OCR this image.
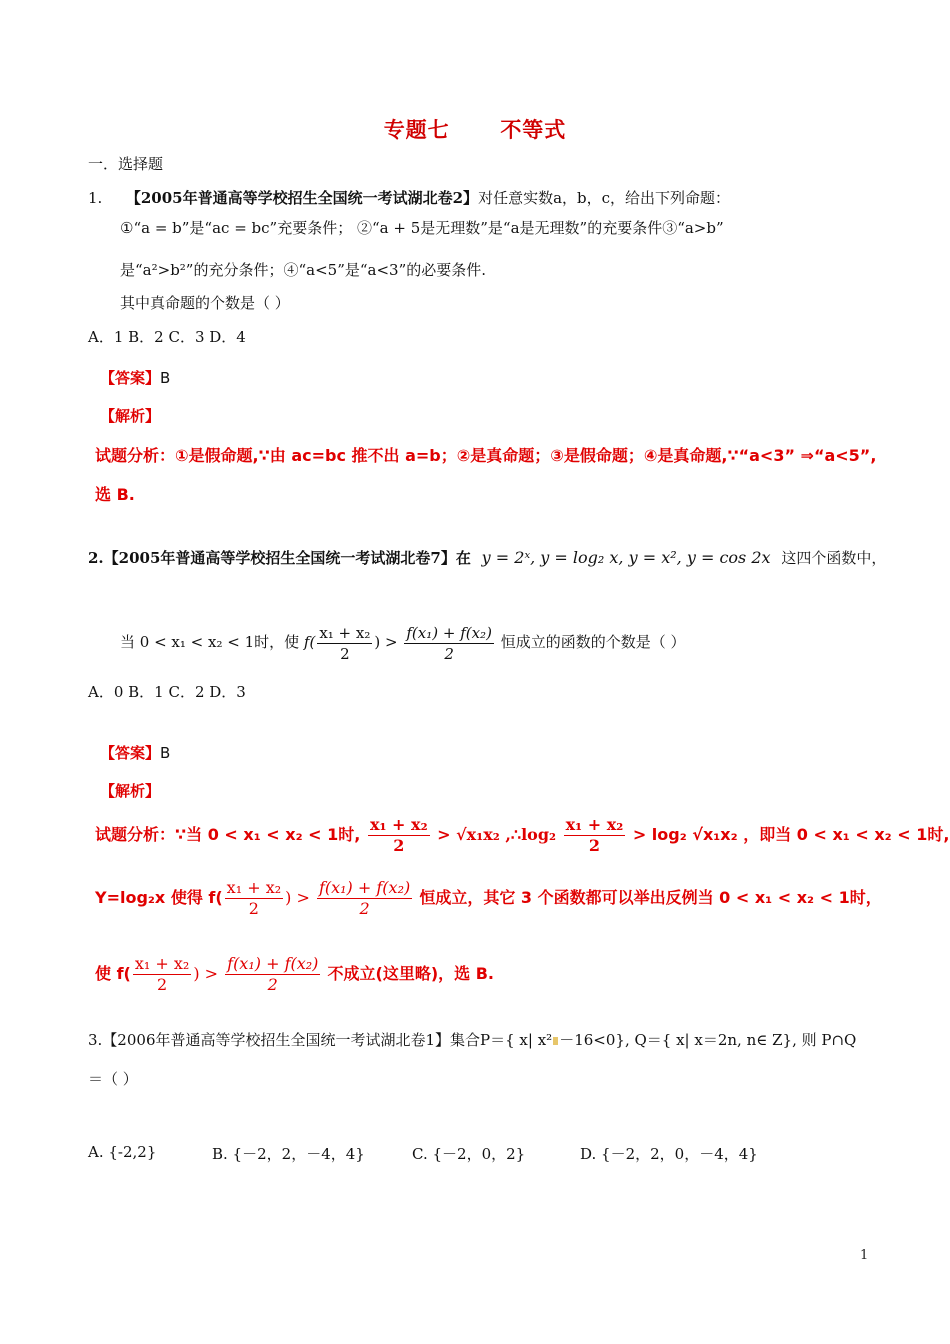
专题七 不等式
一．选择题
1. 【2005年普通高等学校招生全国统一考试湖北卷2】对任意实数a，b，c，给出下列命题：
①“a = b”是“ac = bc”充要条件； ②“a + 5是无理数”是“a是无理数”的充要条件③“a>b”
是“a²>b²”的充分条件；④“a<5”是“a<3”的必要条件.
其中真命题的个数是（ ）
A．1 B．2 C．3 D．4
【答案】B
【解析】
试题分析：①是假命题,∵由 ac=bc 推不出 a=b；②是真命题；③是假命题；④是真命题,∵“a<3” ⇒“a<5”,
选 B.
2.【2005年普通高等学校招生全国统一考试湖北卷7】在 y = 2ˣ, y = log₂ x, y = x², y = cos 2x 这四个函数中，
当 0 < x₁ < x₂ < 1时，使 $f( \frac{\text{x₁ + x₂}}{2}$ ) > $\frac{\text{f(x₁) + f(x₂)}}{2}$ 恒成立的函数的个数是（ ）
A．0 B．1 C．2 D．3
【答案】B
【解析】
试题分析：∵当 0 < x₁ < x₂ < 1时, $\frac{\text{x₁ + x₂}}{2} > √x_1x_2$ ,∴log₂ $\frac{\text{x₁ + x₂}}{2} > \log_2$ √x₁x₂ ，即当 0 < x₁ < x₂ < 1时,
Y=log₂x 使得 $f( \frac{\text{x₁ + x₂}}{2}$ ) > $\frac{\text{f(x₁) + f(x₂)}}{2}$ 恒成立，其它 3 个函数都可以举出反例当 0 < x₁ < x₂ < 1时，
使 $f( \frac{\text{x₁ + x₂}}{2}$ ) > $\frac{\text{f(x₁) + f(x₂)}}{2}$ 不成立(这里略)，选 B.
3.【2006年普通高等学校招生全国统一考试湖北卷1】集合P＝{ x| x² －16<0}, Q＝{ x| x＝2n, n∈ Z}, 则 P∩Q
＝（ ）
A. {-2,2}	B. {－2，2，－4，4}	C. {－2，0，2}	D. {－2，2，0，－4，4}
1
